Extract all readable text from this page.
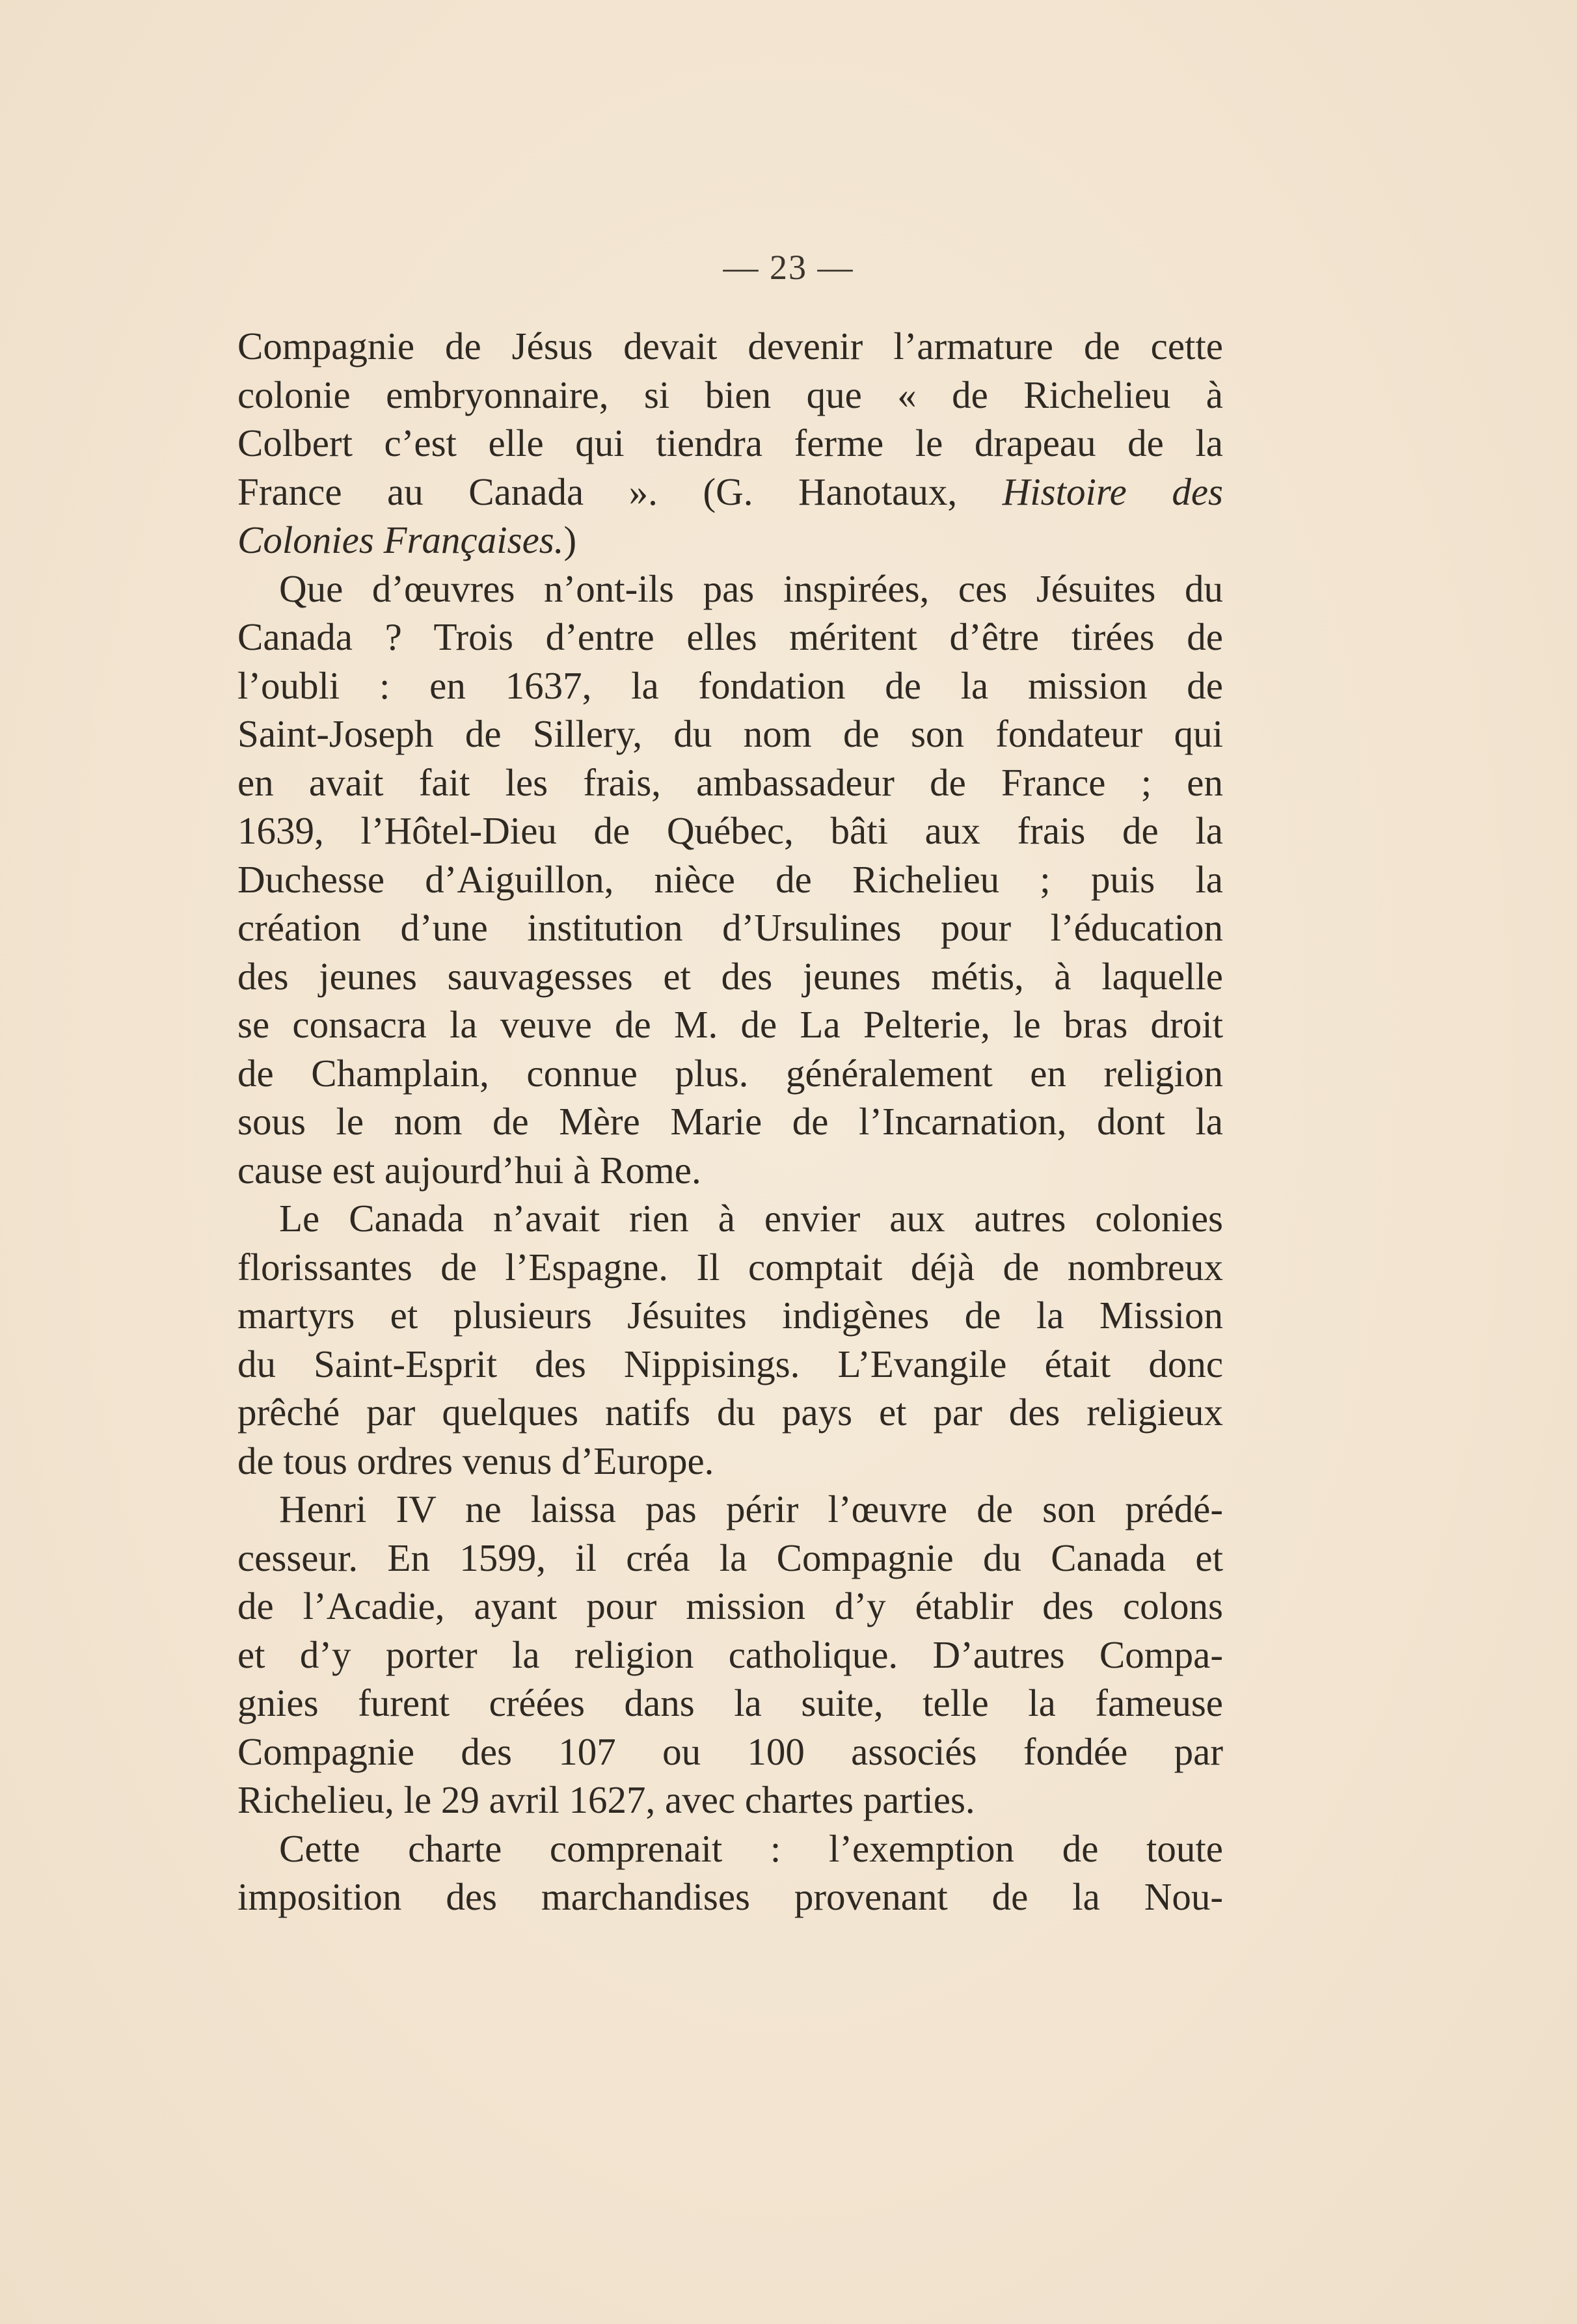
— 23 —
Compagnie de Jésus devait devenir l’armature de cette
colonie embryonnaire, si bien que « de Richelieu à
Colbert c’est elle qui tiendra ferme le drapeau de la
France au Canada ». (G. Hanotaux, Histoire des
Colonies Françaises.)
Que d’œuvres n’ont-ils pas inspirées, ces Jésuites du
Canada ? Trois d’entre elles méritent d’être tirées de
l’oubli : en 1637, la fondation de la mission de
Saint-Joseph de Sillery, du nom de son fondateur qui
en avait fait les frais, ambassadeur de France ; en
1639, l’Hôtel-Dieu de Québec, bâti aux frais de la
Duchesse d’Aiguillon, nièce de Richelieu ; puis la
création d’une institution d’Ursulines pour l’éducation
des jeunes sauvagesses et des jeunes métis, à laquelle
se consacra la veuve de M. de La Pelterie, le bras droit
de Champlain, connue plus. généralement en religion
sous le nom de Mère Marie de l’Incarnation, dont la
cause est aujourd’hui à Rome.
Le Canada n’avait rien à envier aux autres colonies
florissantes de l’Espagne. Il comptait déjà de nombreux
martyrs et plusieurs Jésuites indigènes de la Mission
du Saint-Esprit des Nippisings. L’Evangile était donc
prêché par quelques natifs du pays et par des religieux
de tous ordres venus d’Europe.
Henri IV ne laissa pas périr l’œuvre de son prédé-
cesseur. En 1599, il créa la Compagnie du Canada et
de l’Acadie, ayant pour mission d’y établir des colons
et d’y porter la religion catholique. D’autres Compa-
gnies furent créées dans la suite, telle la fameuse
Compagnie des 107 ou 100 associés fondée par
Richelieu, le 29 avril 1627, avec chartes parties.
Cette charte comprenait : l’exemption de toute
imposition des marchandises provenant de la Nou-
